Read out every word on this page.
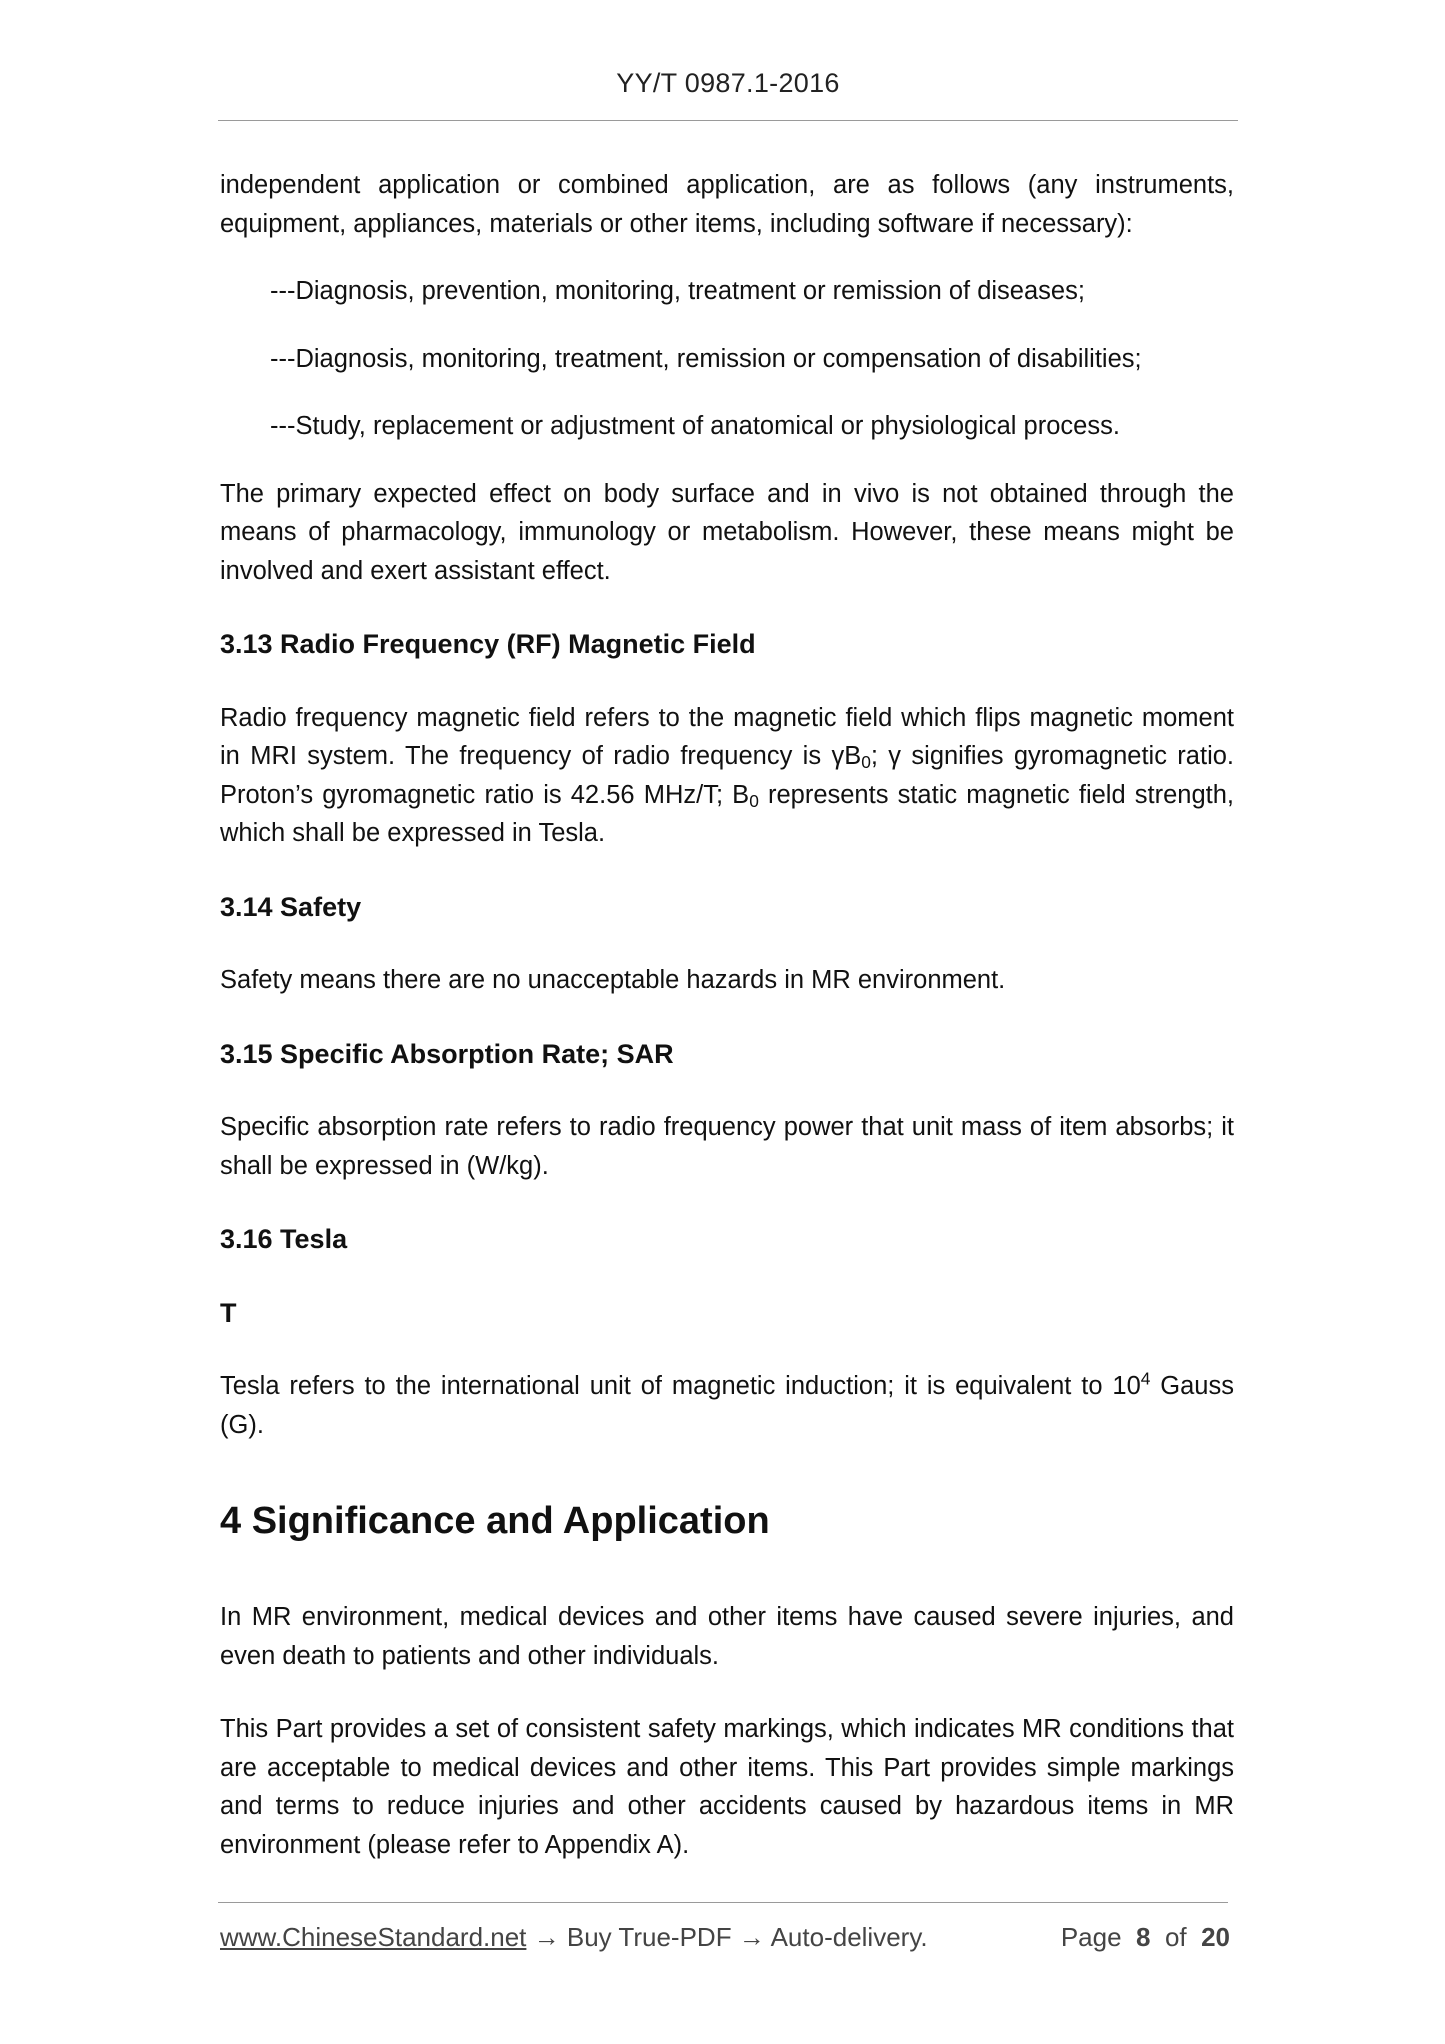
YY/T 0987.1-2016

independent application or combined application, are as follows (any instruments, equipment, appliances, materials or other items, including software if necessary):

---Diagnosis, prevention, monitoring, treatment or remission of diseases;

---Diagnosis, monitoring, treatment, remission or compensation of disabilities;

---Study, replacement or adjustment of anatomical or physiological process.

The primary expected effect on body surface and in vivo is not obtained through the means of pharmacology, immunology or metabolism. However, these means might be involved and exert assistant effect.

3.13 Radio Frequency (RF) Magnetic Field

Radio frequency magnetic field refers to the magnetic field which flips magnetic moment in MRI system. The frequency of radio frequency is $\gamma B_0$; γ signifies gyromagnetic ratio. Proton’s gyromagnetic ratio is 42.56 MHz/T; $B_0$ represents static magnetic field strength, which shall be expressed in Tesla.

3.14 Safety

Safety means there are no unacceptable hazards in MR environment.

3.15 Specific Absorption Rate; SAR

Specific absorption rate refers to radio frequency power that unit mass of item absorbs; it shall be expressed in (W/kg).

3.16 Tesla
T

Tesla refers to the international unit of magnetic induction; it is equivalent to $10^4$ Gauss (G).

4 Significance and Application

In MR environment, medical devices and other items have caused severe injuries, and even death to patients and other individuals.

This Part provides a set of consistent safety markings, which indicates MR conditions that are acceptable to medical devices and other items. This Part provides simple markings and terms to reduce injuries and other accidents caused by hazardous items in MR environment (please refer to Appendix A).

www.ChineseStandard.net → Buy True-PDF → Auto-delivery.	Page 8 of 20
